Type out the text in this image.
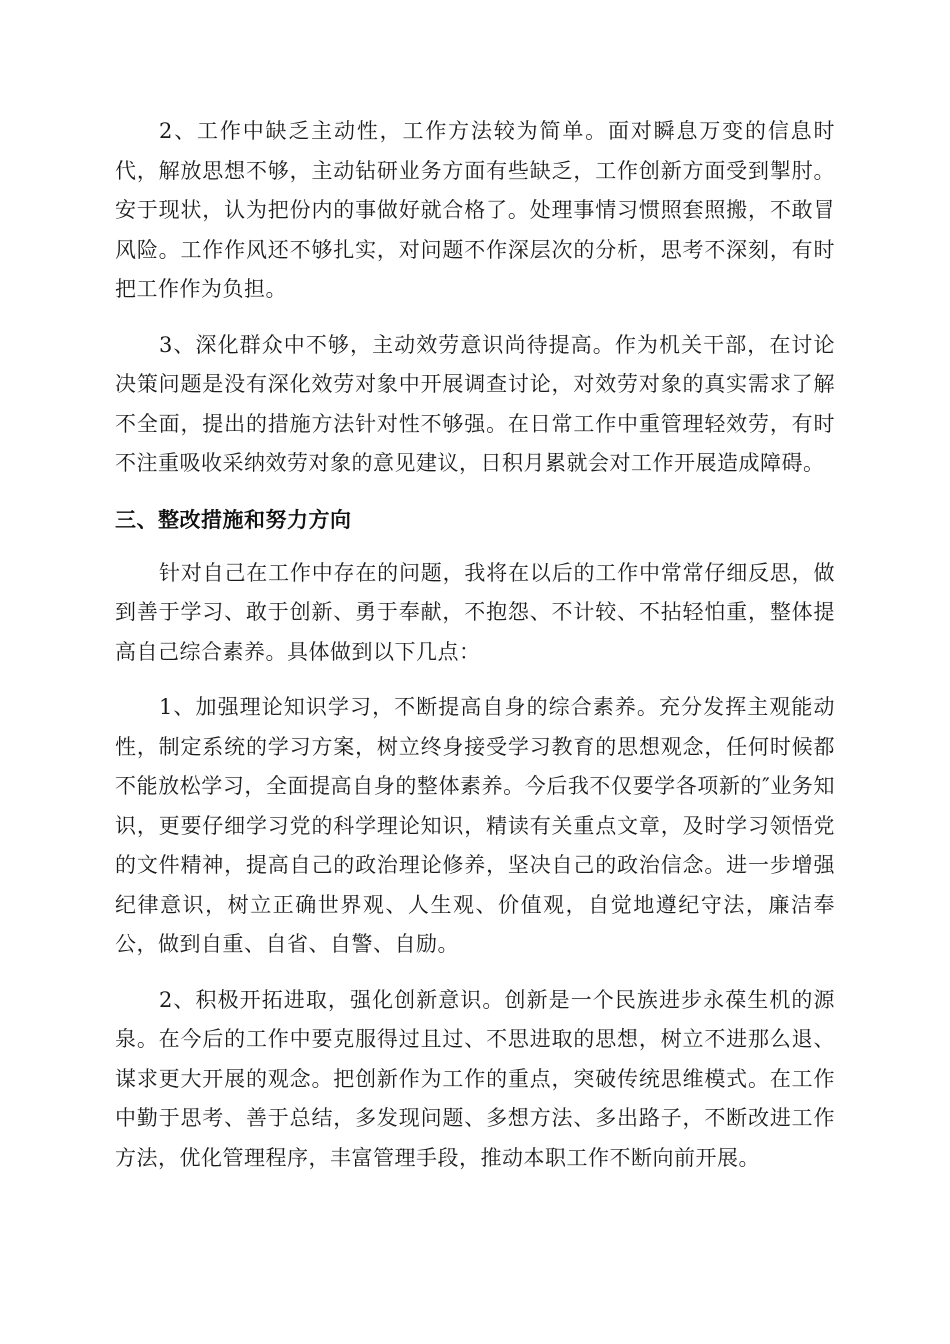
2、工作中缺乏主动性，工作方法较为简单。面对瞬息万变的信息时代，解放思想不够，主动钻研业务方面有些缺乏，工作创新方面受到掣肘。安于现状，认为把份内的事做好就合格了。处理事情习惯照套照搬，不敢冒风险。工作作风还不够扎实，对问题不作深层次的分析，思考不深刻，有时把工作作为负担。

3、深化群众中不够，主动效劳意识尚待提高。作为机关干部，在讨论决策问题是没有深化效劳对象中开展调查讨论，对效劳对象的真实需求了解不全面，提出的措施方法针对性不够强。在日常工作中重管理轻效劳，有时不注重吸收采纳效劳对象的意见建议，日积月累就会对工作开展造成障碍。

三、整改措施和努力方向

针对自己在工作中存在的问题，我将在以后的工作中常常仔细反思，做到善于学习、敢于创新、勇于奉献，不抱怨、不计较、不拈轻怕重，整体提高自己综合素养。具体做到以下几点：

1、加强理论知识学习，不断提高自身的综合素养。充分发挥主观能动性，制定系统的学习方案，树立终身接受学习教育的思想观念，任何时候都不能放松学习，全面提高自身的整体素养。今后我不仅要学各项新的″业务知识，更要仔细学习党的科学理论知识，精读有关重点文章，及时学习领悟党的文件精神，提高自己的政治理论修养，坚决自己的政治信念。进一步增强纪律意识，树立正确世界观、人生观、价值观，自觉地遵纪守法，廉洁奉公，做到自重、自省、自警、自励。

2、积极开拓进取，强化创新意识。创新是一个民族进步永葆生机的源泉。在今后的工作中要克服得过且过、不思进取的思想，树立不进那么退、谋求更大开展的观念。把创新作为工作的重点，突破传统思维模式。在工作中勤于思考、善于总结，多发现问题、多想方法、多出路子，不断改进工作方法，优化管理程序，丰富管理手段，推动本职工作不断向前开展。
